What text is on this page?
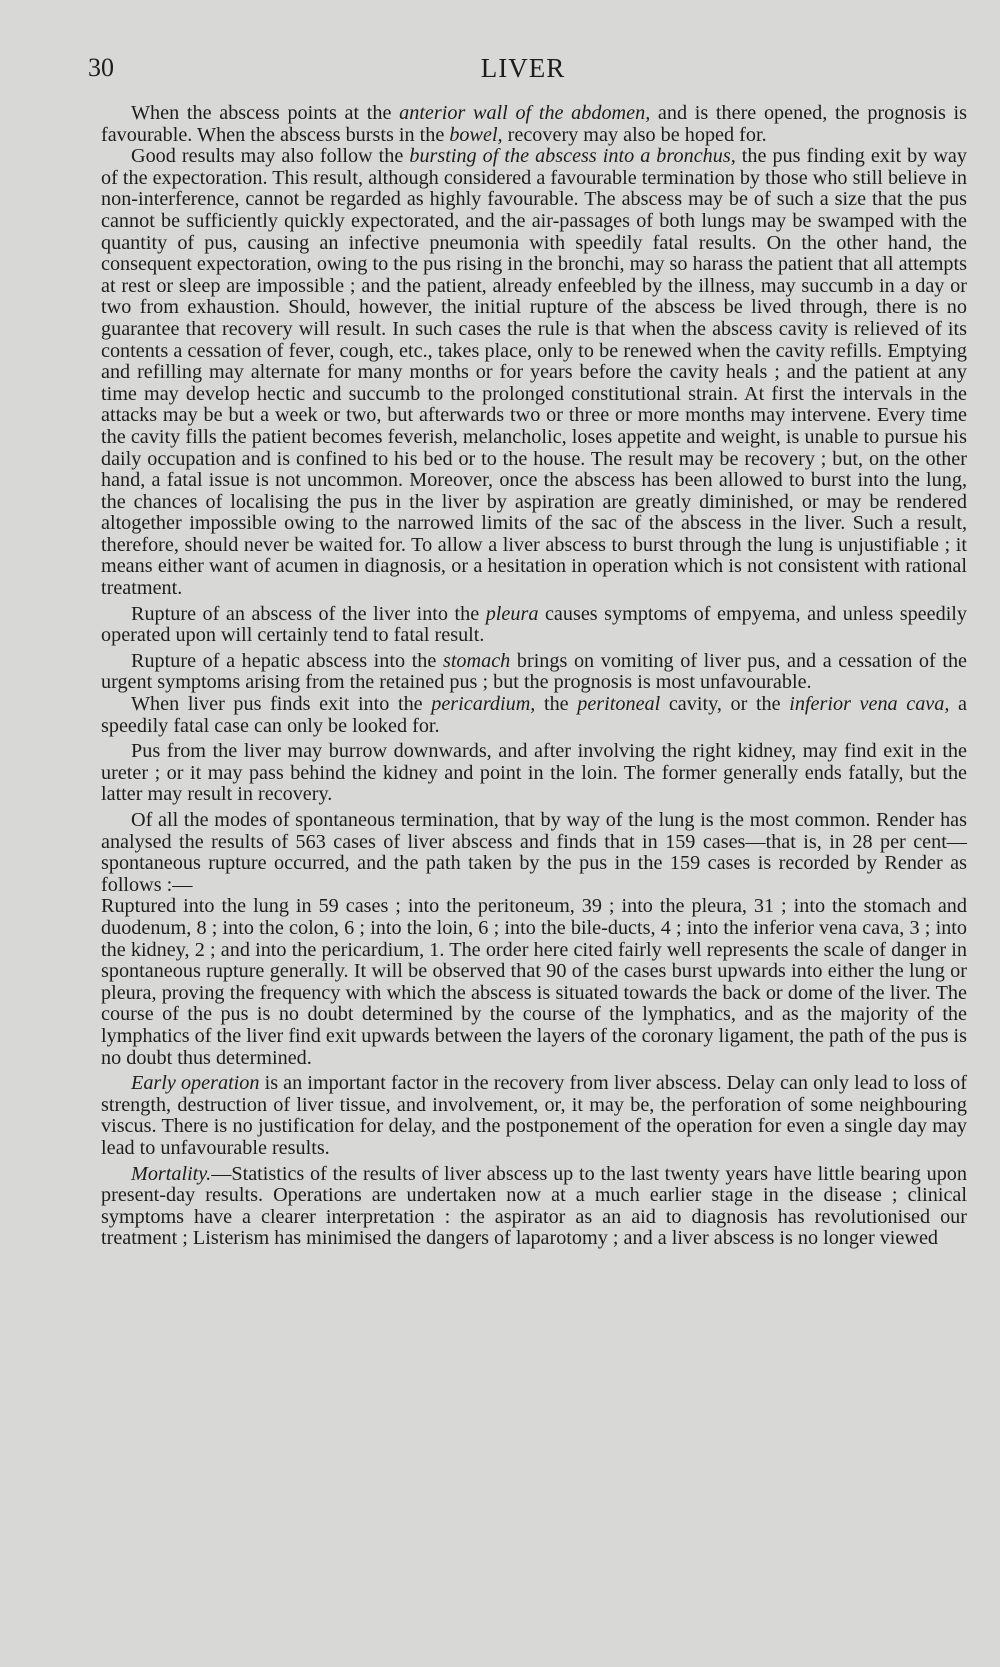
30	LIVER

When the abscess points at the anterior wall of the abdomen, and is there opened, the prognosis is favourable. When the abscess bursts in the bowel, recovery may also be hoped for.

Good results may also follow the bursting of the abscess into a bronchus, the pus finding exit by way of the expectoration. This result, although considered a favourable termination by those who still believe in non-interference, cannot be regarded as highly favourable. The abscess may be of such a size that the pus cannot be sufficiently quickly expectorated, and the air-passages of both lungs may be swamped with the quantity of pus, causing an infective pneumonia with speedily fatal results. On the other hand, the consequent expectoration, owing to the pus rising in the bronchi, may so harass the patient that all attempts at rest or sleep are impossible ; and the patient, already enfeebled by the illness, may succumb in a day or two from exhaustion. Should, however, the initial rupture of the abscess be lived through, there is no guarantee that recovery will result. In such cases the rule is that when the abscess cavity is relieved of its contents a cessation of fever, cough, etc., takes place, only to be renewed when the cavity refills. Emptying and refilling may alternate for many months or for years before the cavity heals ; and the patient at any time may develop hectic and succumb to the prolonged constitutional strain. At first the intervals in the attacks may be but a week or two, but afterwards two or three or more months may intervene. Every time the cavity fills the patient becomes feverish, melancholic, loses appetite and weight, is unable to pursue his daily occupation and is confined to his bed or to the house. The result may be recovery ; but, on the other hand, a fatal issue is not uncommon. Moreover, once the abscess has been allowed to burst into the lung, the chances of localising the pus in the liver by aspiration are greatly diminished, or may be rendered altogether impossible owing to the narrowed limits of the sac of the abscess in the liver. Such a result, therefore, should never be waited for. To allow a liver abscess to burst through the lung is unjustifiable ; it means either want of acumen in diagnosis, or a hesitation in operation which is not consistent with rational treatment.

Rupture of an abscess of the liver into the pleura causes symptoms of empyema, and unless speedily operated upon will certainly tend to fatal result.

Rupture of a hepatic abscess into the stomach brings on vomiting of liver pus, and a cessation of the urgent symptoms arising from the retained pus ; but the prognosis is most unfavourable.

When liver pus finds exit into the pericardium, the peritoneal cavity, or the inferior vena cava, a speedily fatal case can only be looked for.

Pus from the liver may burrow downwards, and after involving the right kidney, may find exit in the ureter ; or it may pass behind the kidney and point in the loin. The former generally ends fatally, but the latter may result in recovery.

Of all the modes of spontaneous termination, that by way of the lung is the most common. Render has analysed the results of 563 cases of liver abscess and finds that in 159 cases—that is, in 28 per cent—spontaneous rupture occurred, and the path taken by the pus in the 159 cases is recorded by Render as follows :—

Ruptured into the lung in 59 cases ; into the peritoneum, 39 ; into the pleura, 31 ; into the stomach and duodenum, 8 ; into the colon, 6 ; into the loin, 6 ; into the bile-ducts, 4 ; into the inferior vena cava, 3 ; into the kidney, 2 ; and into the pericardium, 1. The order here cited fairly well represents the scale of danger in spontaneous rupture generally. It will be observed that 90 of the cases burst upwards into either the lung or pleura, proving the frequency with which the abscess is situated towards the back or dome of the liver. The course of the pus is no doubt determined by the course of the lymphatics, and as the majority of the lymphatics of the liver find exit upwards between the layers of the coronary ligament, the path of the pus is no doubt thus determined.

Early operation is an important factor in the recovery from liver abscess. Delay can only lead to loss of strength, destruction of liver tissue, and involvement, or, it may be, the perforation of some neighbouring viscus. There is no justification for delay, and the postponement of the operation for even a single day may lead to unfavourable results.

Mortality.—Statistics of the results of liver abscess up to the last twenty years have little bearing upon present-day results. Operations are undertaken now at a much earlier stage in the disease ; clinical symptoms have a clearer interpretation : the aspirator as an aid to diagnosis has revolutionised our treatment ; Listerism has minimised the dangers of laparotomy ; and a liver abscess is no longer viewed
